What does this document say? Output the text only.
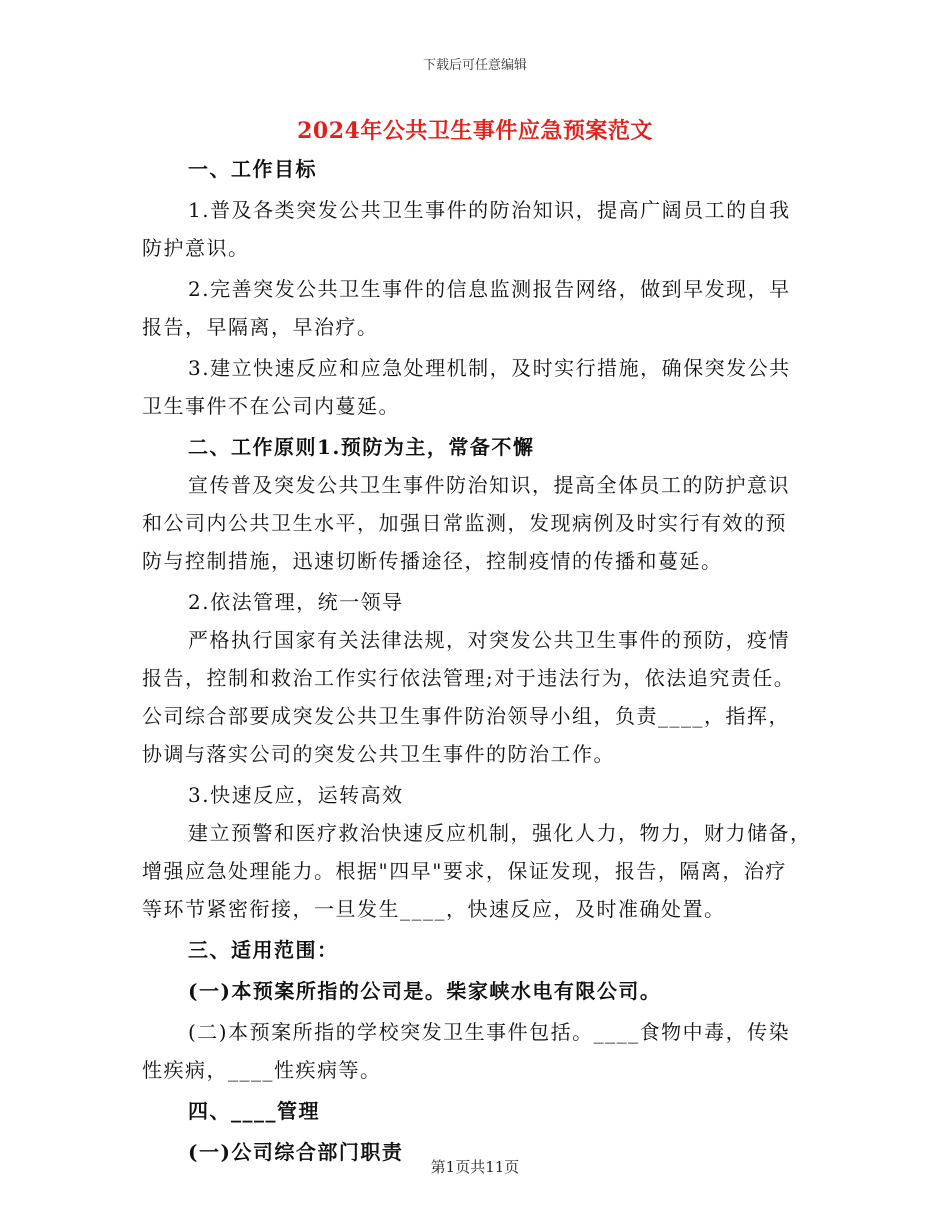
下载后可任意编辑
2024年公共卫生事件应急预案范文
一、工作目标
1.普及各类突发公共卫生事件的防治知识，提高广阔员工的自我
防护意识。
2.完善突发公共卫生事件的信息监测报告网络，做到早发现，早
报告，早隔离，早治疗。
3.建立快速反应和应急处理机制，及时实行措施，确保突发公共
卫生事件不在公司内蔓延。
二、工作原则1.预防为主，常备不懈
宣传普及突发公共卫生事件防治知识，提高全体员工的防护意识
和公司内公共卫生水平，加强日常监测，发现病例及时实行有效的预
防与控制措施，迅速切断传播途径，控制疫情的传播和蔓延。
2.依法管理，统一领导
严格执行国家有关法律法规，对突发公共卫生事件的预防，疫情
报告，控制和救治工作实行依法管理;对于违法行为，依法追究责任。
公司综合部要成突发公共卫生事件防治领导小组，负责____，指挥，
协调与落实公司的突发公共卫生事件的防治工作。
3.快速反应，运转高效
建立预警和医疗救治快速反应机制，强化人力，物力，财力储备，
增强应急处理能力。根据"四早"要求，保证发现，报告，隔离，治疗
等环节紧密衔接，一旦发生____，快速反应，及时准确处置。
三、适用范围：
(一)本预案所指的公司是。柴家峡水电有限公司。
(二)本预案所指的学校突发卫生事件包括。____食物中毒，传染
性疾病，____性疾病等。
四、____管理
(一)公司综合部门职责
第1页共11页
